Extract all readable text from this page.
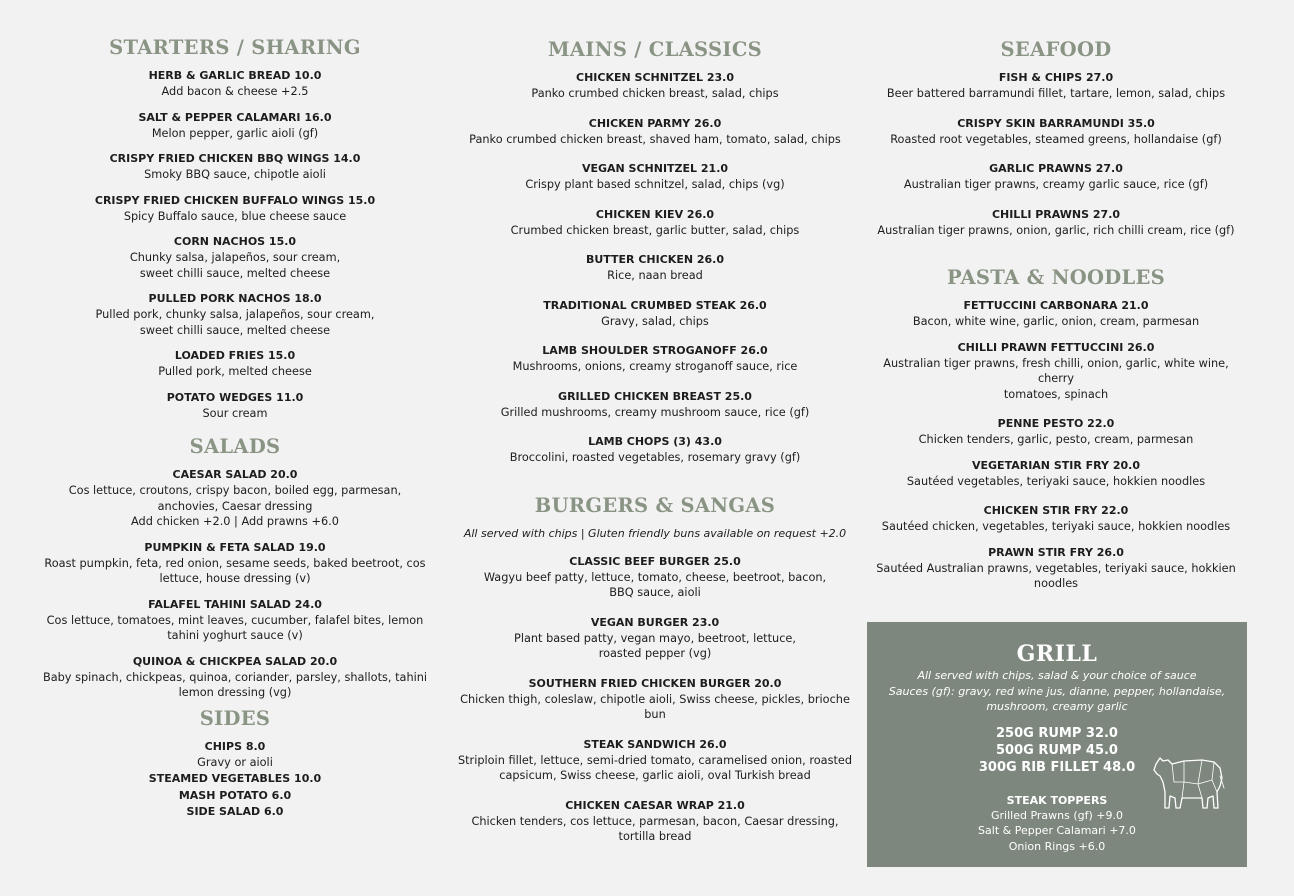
STARTERS / SHARING
HERB & GARLIC BREAD 10.0
Add bacon & cheese +2.5
SALT & PEPPER CALAMARI 16.0
Melon pepper, garlic aioli (gf)
CRISPY FRIED CHICKEN BBQ WINGS 14.0
Smoky BBQ sauce, chipotle aioli
CRISPY FRIED CHICKEN BUFFALO WINGS 15.0
Spicy Buffalo sauce, blue cheese sauce
CORN NACHOS 15.0
Chunky salsa, jalapeños, sour cream,
sweet chilli sauce, melted cheese
PULLED PORK NACHOS 18.0
Pulled pork, chunky salsa, jalapeños, sour cream,
sweet chilli sauce, melted cheese
LOADED FRIES 15.0
Pulled pork, melted cheese
POTATO WEDGES 11.0
Sour cream
SALADS
CAESAR SALAD 20.0
Cos lettuce, croutons, crispy bacon, boiled egg, parmesan,
anchovies, Caesar dressing
Add chicken +2.0 | Add prawns +6.0
PUMPKIN & FETA SALAD 19.0
Roast pumpkin, feta, red onion, sesame seeds, baked beetroot, cos
lettuce, house dressing (v)
FALAFEL TAHINI SALAD 24.0
Cos lettuce, tomatoes, mint leaves, cucumber, falafel bites, lemon
tahini yoghurt sauce (v)
QUINOA & CHICKPEA SALAD 20.0
Baby spinach, chickpeas, quinoa, coriander, parsley, shallots, tahini
lemon dressing (vg)
SIDES
CHIPS 8.0
Gravy or aioli
STEAMED VEGETABLES 10.0
MASH POTATO 6.0
SIDE SALAD 6.0
MAINS / CLASSICS
CHICKEN SCHNITZEL 23.0
Panko crumbed chicken breast, salad, chips
CHICKEN PARMY 26.0
Panko crumbed chicken breast, shaved ham, tomato, salad, chips
VEGAN SCHNITZEL 21.0
Crispy plant based schnitzel, salad, chips (vg)
CHICKEN KIEV 26.0
Crumbed chicken breast, garlic butter, salad, chips
BUTTER CHICKEN 26.0
Rice, naan bread
TRADITIONAL CRUMBED STEAK 26.0
Gravy, salad, chips
LAMB SHOULDER STROGANOFF 26.0
Mushrooms, onions, creamy stroganoff sauce, rice
GRILLED CHICKEN BREAST 25.0
Grilled mushrooms, creamy mushroom sauce, rice (gf)
LAMB CHOPS (3) 43.0
Broccolini, roasted vegetables, rosemary gravy (gf)
BURGERS & SANGAS
All served with chips | Gluten friendly buns available on request +2.0
CLASSIC BEEF BURGER 25.0
Wagyu beef patty, lettuce, tomato, cheese, beetroot, bacon,
BBQ sauce, aioli
VEGAN BURGER 23.0
Plant based patty, vegan mayo, beetroot, lettuce,
roasted pepper (vg)
SOUTHERN FRIED CHICKEN BURGER 20.0
Chicken thigh, coleslaw, chipotle aioli, Swiss cheese, pickles, brioche
bun
STEAK SANDWICH 26.0
Striploin fillet, lettuce, semi-dried tomato, caramelised onion, roasted
capsicum, Swiss cheese, garlic aioli, oval Turkish bread
CHICKEN CAESAR WRAP 21.0
Chicken tenders, cos lettuce, parmesan, bacon, Caesar dressing,
tortilla bread
SEAFOOD
FISH & CHIPS 27.0
Beer battered barramundi fillet, tartare, lemon, salad, chips
CRISPY SKIN BARRAMUNDI 35.0
Roasted root vegetables, steamed greens, hollandaise (gf)
GARLIC PRAWNS 27.0
Australian tiger prawns, creamy garlic sauce, rice (gf)
CHILLI PRAWNS 27.0
Australian tiger prawns, onion, garlic, rich chilli cream, rice (gf)
PASTA & NOODLES
FETTUCCINI CARBONARA 21.0
Bacon, white wine, garlic, onion, cream, parmesan
CHILLI PRAWN FETTUCCINI 26.0
Australian tiger prawns, fresh chilli, onion, garlic, white wine, cherry
tomatoes, spinach
PENNE PESTO 22.0
Chicken tenders, garlic, pesto, cream, parmesan
VEGETARIAN STIR FRY 20.0
Sautéed vegetables, teriyaki sauce, hokkien noodles
CHICKEN STIR FRY 22.0
Sautéed chicken, vegetables, teriyaki sauce, hokkien noodles
PRAWN STIR FRY 26.0
Sautéed Australian prawns, vegetables, teriyaki sauce, hokkien
noodles
GRILL
All served with chips, salad & your choice of sauce
Sauces (gf): gravy, red wine jus, dianne, pepper, hollandaise,
mushroom, creamy garlic
250G RUMP 32.0
500G RUMP 45.0
300G RIB FILLET 48.0
STEAK TOPPERS
Grilled Prawns (gf) +9.0
Salt & Pepper Calamari +7.0
Onion Rings +6.0
